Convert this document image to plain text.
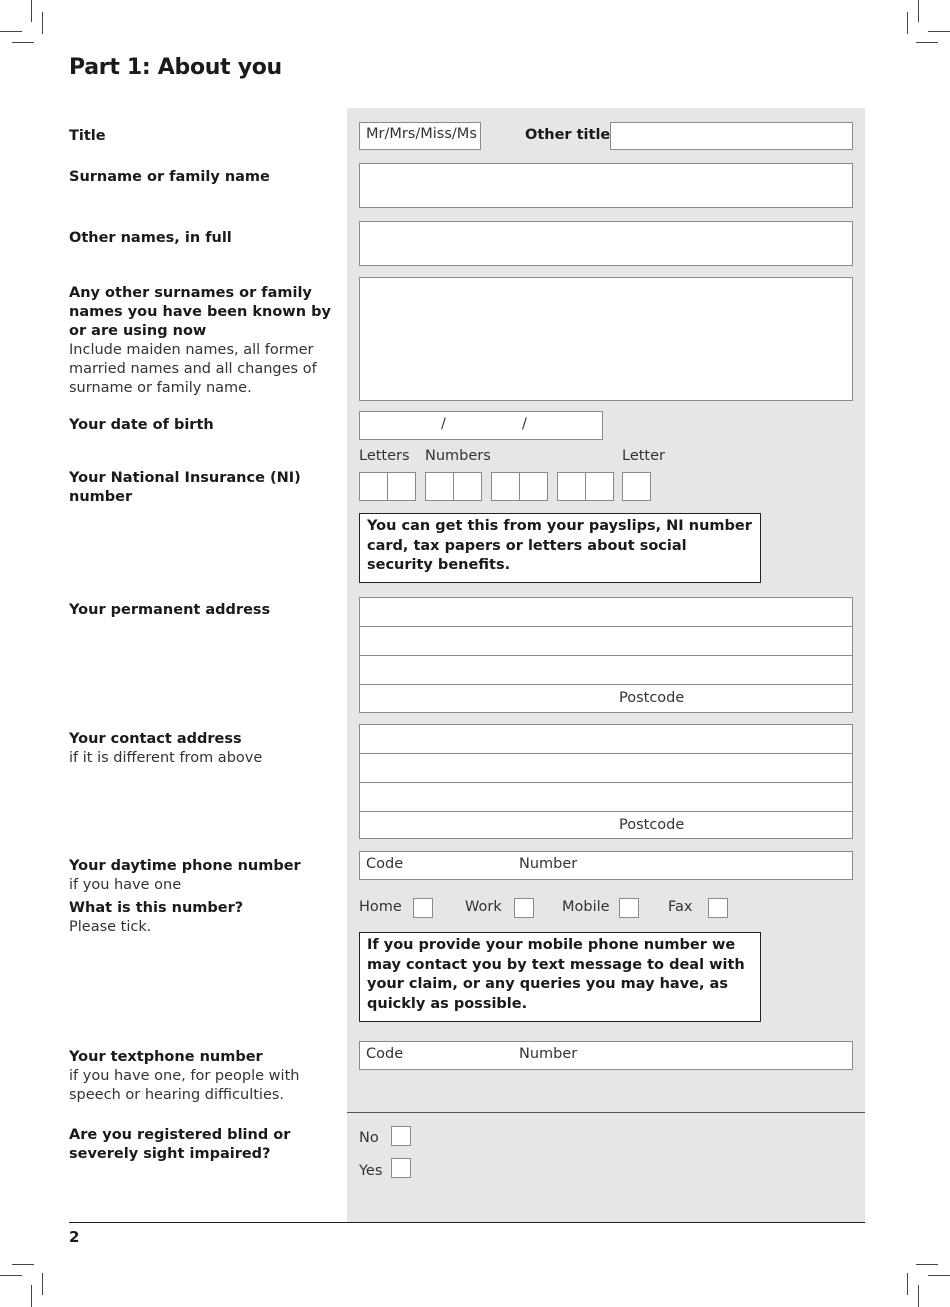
Part 1: About you
Title	Mr/Mrs/Miss/Ms	Other title
Surname or family name
Other names, in full
Any other surnames or family names you have been known by or are using now
Include maiden names, all former married names and all changes of surname or family name.
Your date of birth	/	/
Your National Insurance (NI) number
Letters Numbers	Letter
You can get this from your payslips, NI number card, tax papers or letters about social security benefits.
Your permanent address
Postcode
Your contact address
if it is different from above
Postcode
Your daytime phone number
if you have one
Code	Number
What is this number?
Please tick.
Home	Work	Mobile	Fax
If you provide your mobile phone number we may contact you by text message to deal with your claim, or any queries you may have, as quickly as possible.
Your textphone number
if you have one, for people with speech or hearing difficulties.
Code	Number
Are you registered blind or severely sight impaired?
No
Yes
2
